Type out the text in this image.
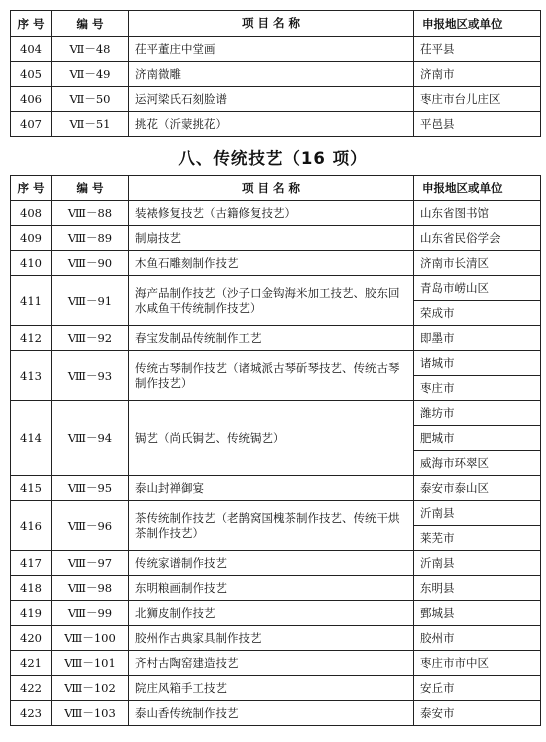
序 号	编 号	项 目 名 称	申报地区或单位
404	Ⅶ－48	茌平董庄中堂画	茌平县
405	Ⅶ－49	济南微雕	济南市
406	Ⅶ－50	运河梁氏石刻脸谱	枣庄市台儿庄区
407	Ⅶ－51	挑花（沂蒙挑花）	平邑县
八、传统技艺（16 项）
序 号	编 号	项 目 名 称	申报地区或单位
408	Ⅷ－88	装裱修复技艺（古籍修复技艺）	山东省图书馆
409	Ⅷ－89	制扇技艺	山东省民俗学会
410	Ⅷ－90	木鱼石雕刻制作技艺	济南市长清区
411	Ⅷ－91	海产品制作技艺（沙子口金钩海米加工技艺、胶东回水咸鱼干传统制作技艺）	青岛市崂山区
			荣成市
412	Ⅷ－92	春宝发制品传统制作工艺	即墨市
413	Ⅷ－93	传统古琴制作技艺（诸城派古琴斫琴技艺、传统古琴制作技艺）	诸城市
			枣庄市
414	Ⅷ－94	锔艺（尚氏锔艺、传统锔艺）	潍坊市
			肥城市
			威海市环翠区
415	Ⅷ－95	泰山封禅御宴	泰安市泰山区
416	Ⅷ－96	茶传统制作技艺（老鹊窝国槐茶制作技艺、传统干烘茶制作技艺）	沂南县
			莱芜市
417	Ⅷ－97	传统家谱制作技艺	沂南县
418	Ⅷ－98	东明粮画制作技艺	东明县
419	Ⅷ－99	北狮皮制作技艺	鄄城县
420	Ⅷ－100	胶州作古典家具制作技艺	胶州市
421	Ⅷ－101	齐村古陶窑建造技艺	枣庄市市中区
422	Ⅷ－102	院庄风箱手工技艺	安丘市
423	Ⅷ－103	泰山香传统制作技艺	泰安市
